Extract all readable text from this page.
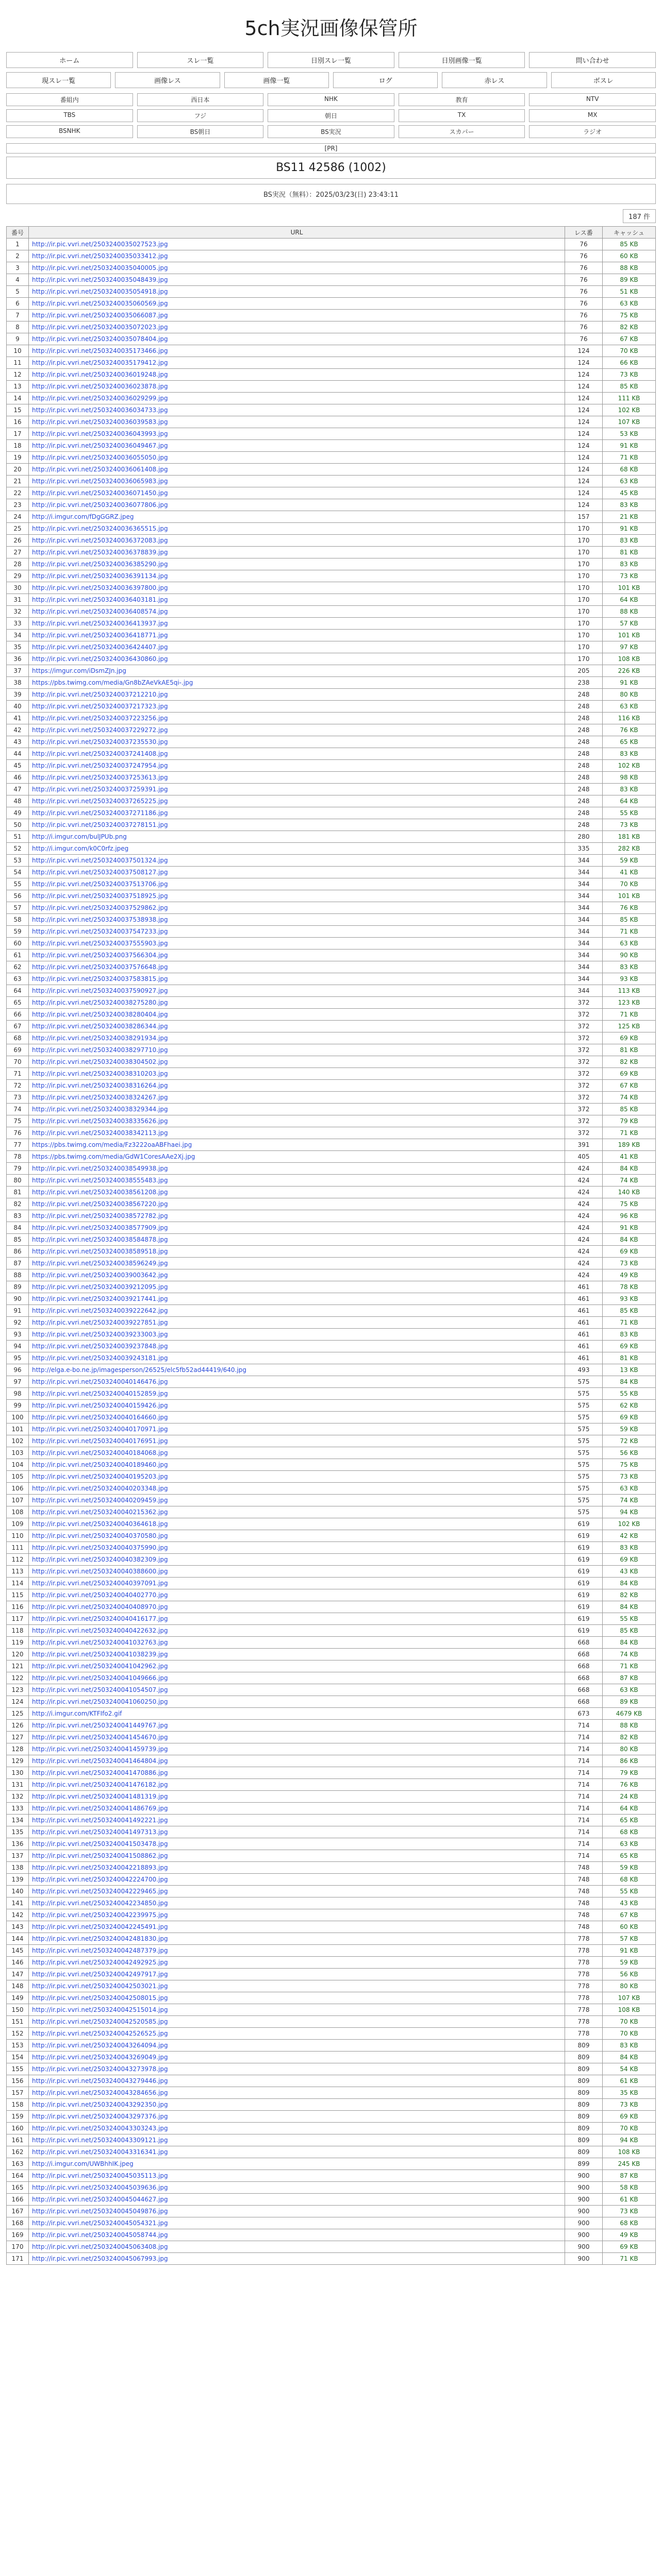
5ch実況画像保管所
ホーム	スレ一覧	日別スレ一覧	日別画像一覧	問い合わせ
現スレ一覧	画像レス	画像一覧	ログ	赤レス	ボスレ
番組内	西日本	NHK	教育	NTV
TBS	フジ	朝日	TX	MX
BSNHK	BS朝日	BS実況	スカパー	ラジオ
[PR]
BS11 42586 (1002)
BS実況（無料）：2025/03/23(日) 23:43:11
187 件
番号	URL	レス番	キャッシュ
1	http://ir.pic.vvri.net/2503240035027523.jpg	76	85 KB
2	http://ir.pic.vvri.net/2503240035033412.jpg	76	60 KB
3	http://ir.pic.vvri.net/2503240035040005.jpg	76	88 KB
4	http://ir.pic.vvri.net/2503240035048439.jpg	76	89 KB
5	http://ir.pic.vvri.net/2503240035054918.jpg	76	51 KB
6	http://ir.pic.vvri.net/2503240035060569.jpg	76	63 KB
7	http://ir.pic.vvri.net/2503240035066087.jpg	76	75 KB
8	http://ir.pic.vvri.net/2503240035072023.jpg	76	82 KB
9	http://ir.pic.vvri.net/2503240035078404.jpg	76	67 KB
10	http://ir.pic.vvri.net/2503240035173466.jpg	124	70 KB
11	http://ir.pic.vvri.net/2503240035179412.jpg	124	66 KB
12	http://ir.pic.vvri.net/2503240036019248.jpg	124	73 KB
13	http://ir.pic.vvri.net/2503240036023878.jpg	124	85 KB
14	http://ir.pic.vvri.net/2503240036029299.jpg	124	111 KB
15	http://ir.pic.vvri.net/2503240036034733.jpg	124	102 KB
16	http://ir.pic.vvri.net/2503240036039583.jpg	124	107 KB
17	http://ir.pic.vvri.net/2503240036043993.jpg	124	53 KB
18	http://ir.pic.vvri.net/2503240036049467.jpg	124	91 KB
19	http://ir.pic.vvri.net/2503240036055050.jpg	124	71 KB
20	http://ir.pic.vvri.net/2503240036061408.jpg	124	68 KB
21	http://ir.pic.vvri.net/2503240036065983.jpg	124	63 KB
22	http://ir.pic.vvri.net/2503240036071450.jpg	124	45 KB
23	http://ir.pic.vvri.net/2503240036077806.jpg	124	83 KB
24	http://i.imgur.com/fDgGGRZ.jpeg	157	21 KB
25	http://ir.pic.vvri.net/2503240036365515.jpg	170	91 KB
26	http://ir.pic.vvri.net/2503240036372083.jpg	170	83 KB
27	http://ir.pic.vvri.net/2503240036378839.jpg	170	81 KB
28	http://ir.pic.vvri.net/2503240036385290.jpg	170	83 KB
29	http://ir.pic.vvri.net/2503240036391134.jpg	170	73 KB
30	http://ir.pic.vvri.net/2503240036397800.jpg	170	101 KB
31	http://ir.pic.vvri.net/2503240036403181.jpg	170	64 KB
32	http://ir.pic.vvri.net/2503240036408574.jpg	170	88 KB
33	http://ir.pic.vvri.net/2503240036413937.jpg	170	57 KB
34	http://ir.pic.vvri.net/2503240036418771.jpg	170	101 KB
35	http://ir.pic.vvri.net/2503240036424407.jpg	170	97 KB
36	http://ir.pic.vvri.net/2503240036430860.jpg	170	108 KB
37	https://imgur.com/iDsmZJn.jpg	205	226 KB
38	https://pbs.twimg.com/media/Gn8bZAeVkAE5qi-.jpg	238	91 KB
39	http://ir.pic.vvri.net/2503240037212210.jpg	248	80 KB
40	http://ir.pic.vvri.net/2503240037217323.jpg	248	63 KB
41	http://ir.pic.vvri.net/2503240037223256.jpg	248	116 KB
42	http://ir.pic.vvri.net/2503240037229272.jpg	248	76 KB
43	http://ir.pic.vvri.net/2503240037235530.jpg	248	65 KB
44	http://ir.pic.vvri.net/2503240037241408.jpg	248	83 KB
45	http://ir.pic.vvri.net/2503240037247954.jpg	248	102 KB
46	http://ir.pic.vvri.net/2503240037253613.jpg	248	98 KB
47	http://ir.pic.vvri.net/2503240037259391.jpg	248	83 KB
48	http://ir.pic.vvri.net/2503240037265225.jpg	248	64 KB
49	http://ir.pic.vvri.net/2503240037271186.jpg	248	55 KB
50	http://ir.pic.vvri.net/2503240037278151.jpg	248	73 KB
51	http://i.imgur.com/bulJPUb.png	280	181 KB
52	http://i.imgur.com/k0C0rfz.jpeg	335	282 KB
53	http://ir.pic.vvri.net/2503240037501324.jpg	344	59 KB
54	http://ir.pic.vvri.net/2503240037508127.jpg	344	41 KB
55	http://ir.pic.vvri.net/2503240037513706.jpg	344	70 KB
56	http://ir.pic.vvri.net/2503240037518925.jpg	344	101 KB
57	http://ir.pic.vvri.net/2503240037529862.jpg	344	76 KB
58	http://ir.pic.vvri.net/2503240037538938.jpg	344	85 KB
59	http://ir.pic.vvri.net/2503240037547233.jpg	344	71 KB
60	http://ir.pic.vvri.net/2503240037555903.jpg	344	63 KB
61	http://ir.pic.vvri.net/2503240037566304.jpg	344	90 KB
62	http://ir.pic.vvri.net/2503240037576648.jpg	344	83 KB
63	http://ir.pic.vvri.net/2503240037583815.jpg	344	93 KB
64	http://ir.pic.vvri.net/2503240037590927.jpg	344	113 KB
65	http://ir.pic.vvri.net/2503240038275280.jpg	372	123 KB
66	http://ir.pic.vvri.net/2503240038280404.jpg	372	71 KB
67	http://ir.pic.vvri.net/2503240038286344.jpg	372	125 KB
68	http://ir.pic.vvri.net/2503240038291934.jpg	372	69 KB
69	http://ir.pic.vvri.net/2503240038297710.jpg	372	81 KB
70	http://ir.pic.vvri.net/2503240038304502.jpg	372	82 KB
71	http://ir.pic.vvri.net/2503240038310203.jpg	372	69 KB
72	http://ir.pic.vvri.net/2503240038316264.jpg	372	67 KB
73	http://ir.pic.vvri.net/2503240038324267.jpg	372	74 KB
74	http://ir.pic.vvri.net/2503240038329344.jpg	372	85 KB
75	http://ir.pic.vvri.net/2503240038335626.jpg	372	79 KB
76	http://ir.pic.vvri.net/2503240038342113.jpg	372	71 KB
77	https://pbs.twimg.com/media/Fz3222oaABFhaei.jpg	391	189 KB
78	https://pbs.twimg.com/media/GdW1CoresAAe2Xj.jpg	405	41 KB
79	http://ir.pic.vvri.net/2503240038549938.jpg	424	84 KB
80	http://ir.pic.vvri.net/2503240038555483.jpg	424	74 KB
81	http://ir.pic.vvri.net/2503240038561208.jpg	424	140 KB
82	http://ir.pic.vvri.net/2503240038567220.jpg	424	75 KB
83	http://ir.pic.vvri.net/2503240038572782.jpg	424	96 KB
84	http://ir.pic.vvri.net/2503240038577909.jpg	424	91 KB
85	http://ir.pic.vvri.net/2503240038584878.jpg	424	84 KB
86	http://ir.pic.vvri.net/2503240038589518.jpg	424	69 KB
87	http://ir.pic.vvri.net/2503240038596249.jpg	424	73 KB
88	http://ir.pic.vvri.net/2503240039003642.jpg	424	49 KB
89	http://ir.pic.vvri.net/2503240039212095.jpg	461	78 KB
90	http://ir.pic.vvri.net/2503240039217441.jpg	461	93 KB
91	http://ir.pic.vvri.net/2503240039222642.jpg	461	85 KB
92	http://ir.pic.vvri.net/2503240039227851.jpg	461	71 KB
93	http://ir.pic.vvri.net/2503240039233003.jpg	461	83 KB
94	http://ir.pic.vvri.net/2503240039237848.jpg	461	69 KB
95	http://ir.pic.vvri.net/2503240039243181.jpg	461	81 KB
96	http://elga.e-bo.ne.jp/imagesperson/26525/elc5fb52ad44419/640.jpg	493	13 KB
97	http://ir.pic.vvri.net/2503240040146476.jpg	575	84 KB
98	http://ir.pic.vvri.net/2503240040152859.jpg	575	55 KB
99	http://ir.pic.vvri.net/2503240040159426.jpg	575	62 KB
100	http://ir.pic.vvri.net/2503240040164660.jpg	575	69 KB
101	http://ir.pic.vvri.net/2503240040170971.jpg	575	59 KB
102	http://ir.pic.vvri.net/2503240040176951.jpg	575	72 KB
103	http://ir.pic.vvri.net/2503240040184068.jpg	575	56 KB
104	http://ir.pic.vvri.net/2503240040189460.jpg	575	75 KB
105	http://ir.pic.vvri.net/2503240040195203.jpg	575	73 KB
106	http://ir.pic.vvri.net/2503240040203348.jpg	575	63 KB
107	http://ir.pic.vvri.net/2503240040209459.jpg	575	74 KB
108	http://ir.pic.vvri.net/2503240040215362.jpg	575	94 KB
109	http://ir.pic.vvri.net/2503240040364618.jpg	619	102 KB
110	http://ir.pic.vvri.net/2503240040370580.jpg	619	42 KB
111	http://ir.pic.vvri.net/2503240040375990.jpg	619	83 KB
112	http://ir.pic.vvri.net/2503240040382309.jpg	619	69 KB
113	http://ir.pic.vvri.net/2503240040388600.jpg	619	43 KB
114	http://ir.pic.vvri.net/2503240040397091.jpg	619	84 KB
115	http://ir.pic.vvri.net/2503240040402770.jpg	619	82 KB
116	http://ir.pic.vvri.net/2503240040408970.jpg	619	84 KB
117	http://ir.pic.vvri.net/2503240040416177.jpg	619	55 KB
118	http://ir.pic.vvri.net/2503240040422632.jpg	619	85 KB
119	http://ir.pic.vvri.net/2503240041032763.jpg	668	84 KB
120	http://ir.pic.vvri.net/2503240041038239.jpg	668	74 KB
121	http://ir.pic.vvri.net/2503240041042962.jpg	668	71 KB
122	http://ir.pic.vvri.net/2503240041049666.jpg	668	87 KB
123	http://ir.pic.vvri.net/2503240041054507.jpg	668	63 KB
124	http://ir.pic.vvri.net/2503240041060250.jpg	668	89 KB
125	http://i.imgur.com/KTFIfo2.gif	673	4679 KB
126	http://ir.pic.vvri.net/2503240041449767.jpg	714	88 KB
127	http://ir.pic.vvri.net/2503240041454670.jpg	714	82 KB
128	http://ir.pic.vvri.net/2503240041459739.jpg	714	80 KB
129	http://ir.pic.vvri.net/2503240041464804.jpg	714	86 KB
130	http://ir.pic.vvri.net/2503240041470886.jpg	714	79 KB
131	http://ir.pic.vvri.net/2503240041476182.jpg	714	76 KB
132	http://ir.pic.vvri.net/2503240041481319.jpg	714	24 KB
133	http://ir.pic.vvri.net/2503240041486769.jpg	714	64 KB
134	http://ir.pic.vvri.net/2503240041492221.jpg	714	65 KB
135	http://ir.pic.vvri.net/2503240041497313.jpg	714	68 KB
136	http://ir.pic.vvri.net/2503240041503478.jpg	714	63 KB
137	http://ir.pic.vvri.net/2503240041508862.jpg	714	65 KB
138	http://ir.pic.vvri.net/2503240042218893.jpg	748	59 KB
139	http://ir.pic.vvri.net/2503240042224700.jpg	748	68 KB
140	http://ir.pic.vvri.net/2503240042229465.jpg	748	55 KB
141	http://ir.pic.vvri.net/2503240042234850.jpg	748	43 KB
142	http://ir.pic.vvri.net/2503240042239975.jpg	748	67 KB
143	http://ir.pic.vvri.net/2503240042245491.jpg	748	60 KB
144	http://ir.pic.vvri.net/2503240042481830.jpg	778	57 KB
145	http://ir.pic.vvri.net/2503240042487379.jpg	778	91 KB
146	http://ir.pic.vvri.net/2503240042492925.jpg	778	59 KB
147	http://ir.pic.vvri.net/2503240042497917.jpg	778	56 KB
148	http://ir.pic.vvri.net/2503240042503021.jpg	778	80 KB
149	http://ir.pic.vvri.net/2503240042508015.jpg	778	107 KB
150	http://ir.pic.vvri.net/2503240042515014.jpg	778	108 KB
151	http://ir.pic.vvri.net/2503240042520585.jpg	778	70 KB
152	http://ir.pic.vvri.net/2503240042526525.jpg	778	70 KB
153	http://ir.pic.vvri.net/2503240043264094.jpg	809	83 KB
154	http://ir.pic.vvri.net/2503240043269049.jpg	809	84 KB
155	http://ir.pic.vvri.net/2503240043273978.jpg	809	54 KB
156	http://ir.pic.vvri.net/2503240043279446.jpg	809	61 KB
157	http://ir.pic.vvri.net/2503240043284656.jpg	809	35 KB
158	http://ir.pic.vvri.net/2503240043292350.jpg	809	73 KB
159	http://ir.pic.vvri.net/2503240043297376.jpg	809	69 KB
160	http://ir.pic.vvri.net/2503240043303243.jpg	809	70 KB
161	http://ir.pic.vvri.net/2503240043309121.jpg	809	94 KB
162	http://ir.pic.vvri.net/2503240043316341.jpg	809	108 KB
163	http://i.imgur.com/UWBhhIK.jpeg	899	245 KB
164	http://ir.pic.vvri.net/2503240045035113.jpg	900	87 KB
165	http://ir.pic.vvri.net/2503240045039636.jpg	900	58 KB
166	http://ir.pic.vvri.net/2503240045044627.jpg	900	61 KB
167	http://ir.pic.vvri.net/2503240045049876.jpg	900	73 KB
168	http://ir.pic.vvri.net/2503240045054321.jpg	900	68 KB
169	http://ir.pic.vvri.net/2503240045058744.jpg	900	49 KB
170	http://ir.pic.vvri.net/2503240045063408.jpg	900	69 KB
171	http://ir.pic.vvri.net/2503240045067993.jpg	900	71 KB
